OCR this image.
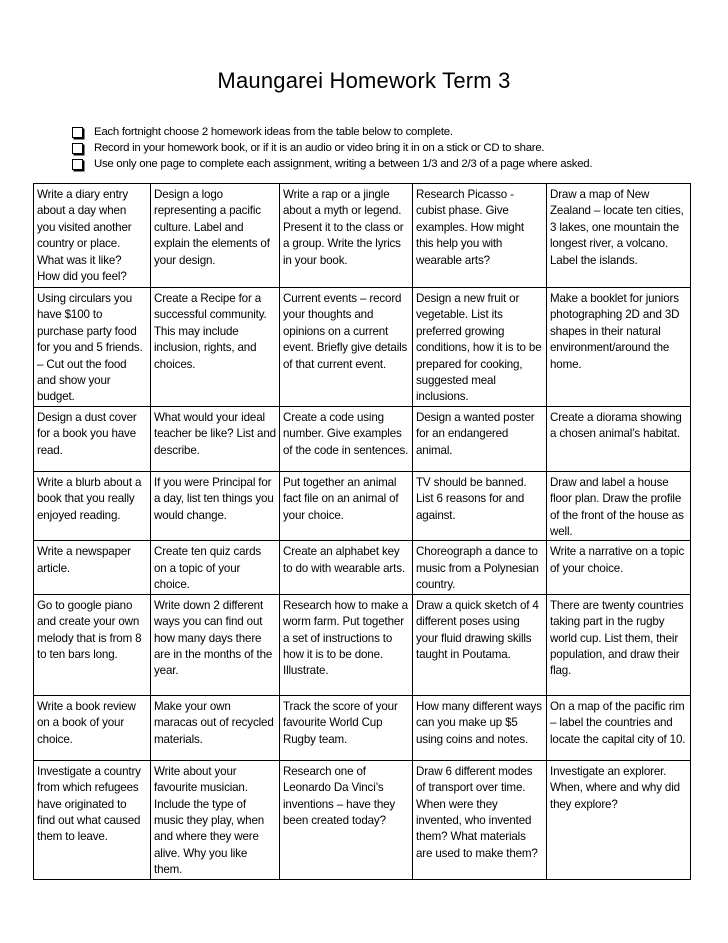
Maungarei Homework Term 3
Each fortnight choose 2 homework ideas from the table below to complete.
Record in your homework book, or if it is an audio or video bring it in on a stick or CD to share.
Use only one page to complete each assignment, writing a between 1/3 and 2/3 of a page where asked.
Write a diary entry about a day when you visited another country or place. What was it like? How did you feel?	Design a logo representing a pacific culture. Label and explain the elements of your design.	Write a rap or a jingle about a myth or legend. Present it to the class or a group. Write the lyrics in your book.	Research Picasso - cubist phase. Give examples. How might this help you with wearable arts?	Draw a map of New Zealand – locate ten cities, 3 lakes, one mountain the longest river, a volcano. Label the islands.
Using circulars you have $100 to purchase party food for you and 5 friends. – Cut out the food and show your budget.	Create a Recipe for a successful community. This may include inclusion, rights, and choices.	Current events – record your thoughts and opinions on a current event. Briefly give details of that current event.	Design a new fruit or vegetable. List its preferred growing conditions, how it is to be prepared for cooking, suggested meal inclusions.	Make a booklet for juniors photographing 2D and 3D shapes in their natural environment/around the home.
Design a dust cover for a book you have read.	What would your ideal teacher be like? List and describe.	Create a code using number. Give examples of the code in sentences.	Design a wanted poster for an endangered animal.	Create a diorama showing a chosen animal’s habitat.
Write a blurb about a book that you really enjoyed reading.	If you were Principal for a day, list ten things you would change.	Put together an animal fact file on an animal of your choice.	TV should be banned. List 6 reasons for and against.	Draw and label a house floor plan. Draw the profile of the front of the house as well.
Write a newspaper article.	Create ten quiz cards on a topic of your choice.	Create an alphabet key to do with wearable arts.	Choreograph a dance to music from a Polynesian country.	Write a narrative on a topic of your choice.
Go to google piano and create your own melody that is from 8 to ten bars long.	Write down 2 different ways you can find out how many days there are in the months of the year.	Research how to make a worm farm. Put together a set of instructions to how it is to be done. Illustrate.	Draw a quick sketch of 4 different poses using your fluid drawing skills taught in Poutama.	There are twenty countries taking part in the rugby world cup. List them, their population, and draw their flag.
Write a book review on a book of your choice.	Make your own maracas out of recycled materials.	Track the score of your favourite World Cup Rugby team.	How many different ways can you make up $5 using coins and notes.	On a map of the pacific rim – label the countries and locate the capital city of 10.
Investigate a country from which refugees have originated to find out what caused them to leave.	Write about your favourite musician. Include the type of music they play, when and where they were alive. Why you like them.	Research one of Leonardo Da Vinci’s inventions – have they been created today?	Draw 6 different modes of transport over time. When were they invented, who invented them? What materials are used to make them?	Investigate an explorer. When, where and why did they explore?
